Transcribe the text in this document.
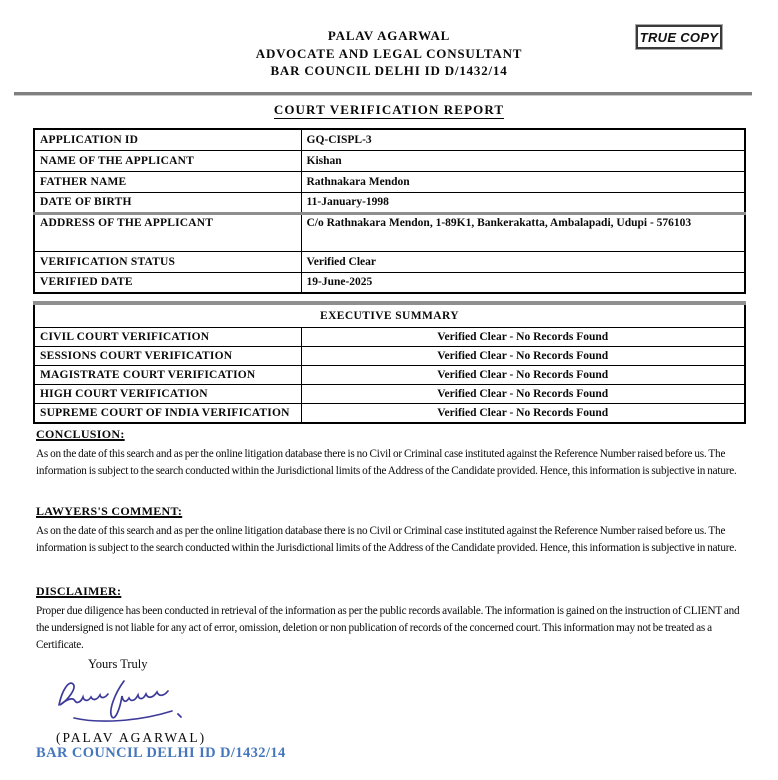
PALAV AGARWAL
ADVOCATE AND LEGAL CONSULTANT
BAR COUNCIL DELHI ID D/1432/14
TRUE COPY
COURT VERIFICATION REPORT
APPLICATION ID	GQ-CISPL-3
NAME OF THE APPLICANT	Kishan
FATHER NAME	Rathnakara Mendon
DATE OF BIRTH	11-January-1998
ADDRESS OF THE APPLICANT	C/o Rathnakara Mendon, 1-89K1, Bankerakatta, Ambalapadi, Udupi - 576103
VERIFICATION STATUS	Verified Clear
VERIFIED DATE	19-June-2025
EXECUTIVE SUMMARY	
CIVIL COURT VERIFICATION	Verified Clear - No Records Found
SESSIONS COURT VERIFICATION	Verified Clear - No Records Found
MAGISTRATE COURT VERIFICATION	Verified Clear - No Records Found
HIGH COURT VERIFICATION	Verified Clear - No Records Found
SUPREME COURT OF INDIA VERIFICATION	Verified Clear - No Records Found
CONCLUSION:

As on the date of this search and as per the online litigation database there is no Civil or Criminal case instituted against the Reference Number raised before us. The information is subject to the search conducted within the Jurisdictional limits of the Address of the Candidate provided. Hence, this information is subjective in nature.

LAWYERS'S COMMENT:

As on the date of this search and as per the online litigation database there is no Civil or Criminal case instituted against the Reference Number raised before us. The information is subject to the search conducted within the Jurisdictional limits of the Address of the Candidate provided. Hence, this information is subjective in nature.

DISCLAIMER:

Proper due diligence has been conducted in retrieval of the information as per the public records available. The information is gained on the instruction of CLIENT and the undersigned is not liable for any act of error, omission, deletion or non publication of records of the concerned court. This information may not be treated as a Certificate.

Yours Truly
(PALAV AGARWAL)
BAR COUNCIL DELHI ID D/1432/14
